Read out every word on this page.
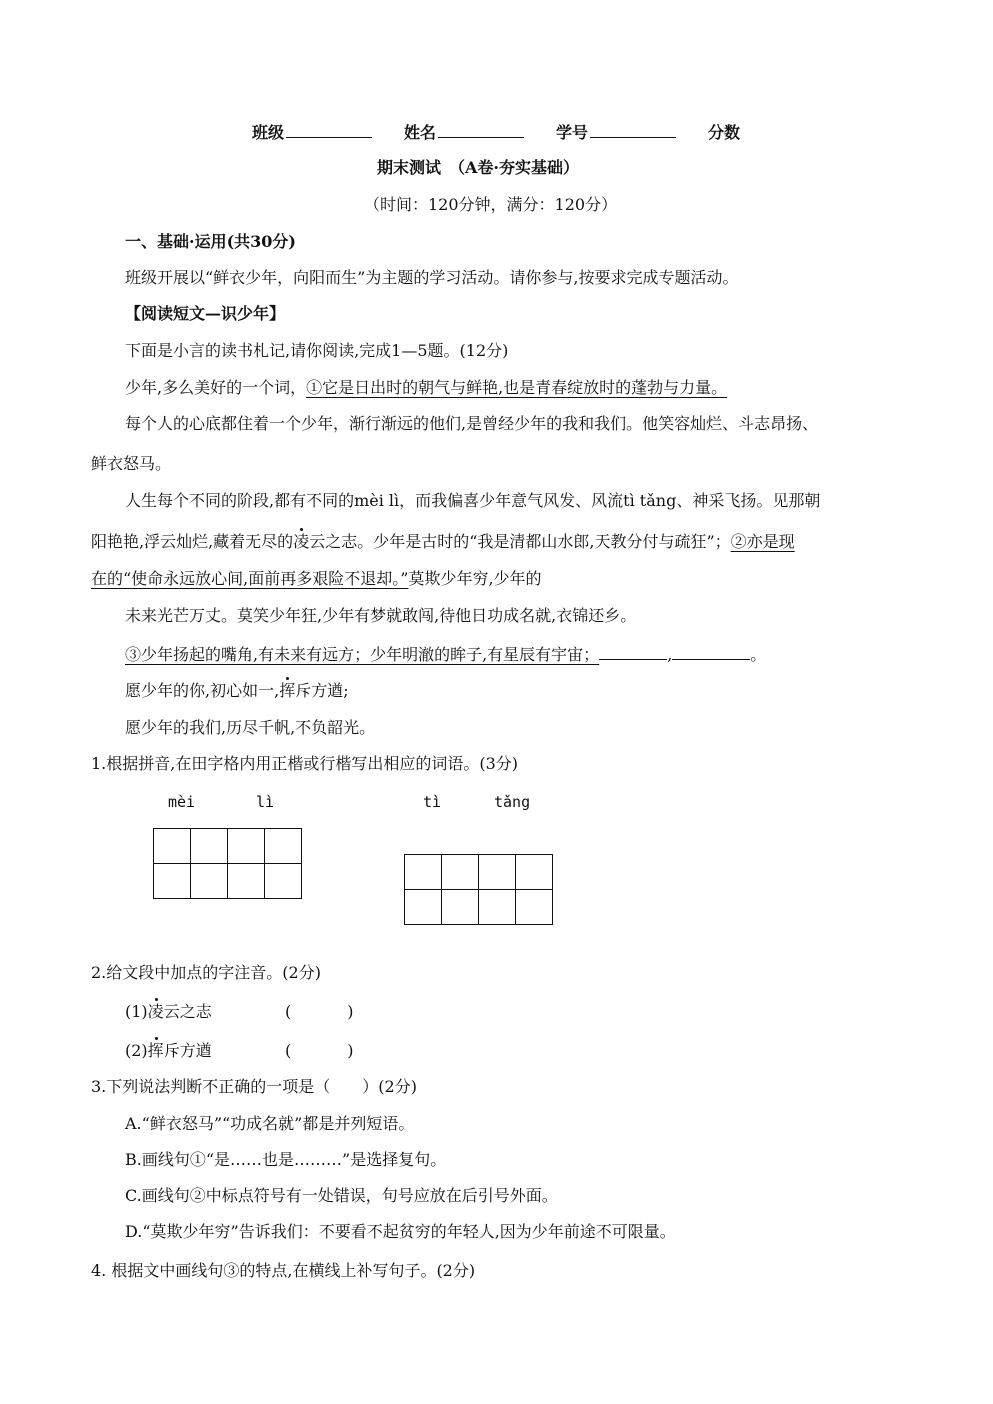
班级	姓名	学号	分数
期末测试　（A卷·夯实基础）
（时间：120分钟，满分：120分）
一、基础·运用(共30分)
班级开展以“鲜衣少年，向阳而生”为主题的学习活动。请你参与,按要求完成专题活动。
【阅读短文—识少年】
下面是小言的读书札记,请你阅读,完成1—5题。(12分)
少年,多么美好的一个词，①它是日出时的朝气与鲜艳,也是青春绽放时的蓬勃与力量。
每个人的心底都住着一个少年，渐行渐远的他们,是曾经少年的我和我们。他笑容灿烂、斗志昂扬、
鲜衣怒马。
人生每个不同的阶段,都有不同的mèi lì，而我偏喜少年意气风发、风流tì tǎng、神采飞扬。见那朝
阳艳艳,浮云灿烂,藏着无尽的凌云之志。少年是古时的“我是清都山水郎,天教分付与疏狂”；②亦是现
在的“使命永远放心间,面前再多艰险不退却。”莫欺少年穷,少年的
未来光芒万丈。莫笑少年狂,少年有梦就敢闯,待他日功成名就,衣锦还乡。
③少年扬起的嘴角,有未来有远方；少年明澈的眸子,有星辰有宇宙；	,	。
愿少年的你,初心如一,挥斥方遒;
愿少年的我们,历尽千帆,不负韶光。
1.根据拼音,在田字格内用正楷或行楷写出相应的词语。(3分)
mèi	lì	tì	tǎng

2.给文段中加点的字注音。(2分)
(1)凌云之志	(	)
(2)挥斥方遒	(	)
3.下列说法判断不正确的一项是（　　）(2分)
A.“鲜衣怒马”“功成名就”都是并列短语。
B.画线句①“是……也是………”是选择复句。
C.画线句②中标点符号有一处错误，句号应放在后引号外面。
D.“莫欺少年穷”告诉我们：不要看不起贫穷的年轻人,因为少年前途不可限量。
4. 根据文中画线句③的特点,在横线上补写句子。(2分)
